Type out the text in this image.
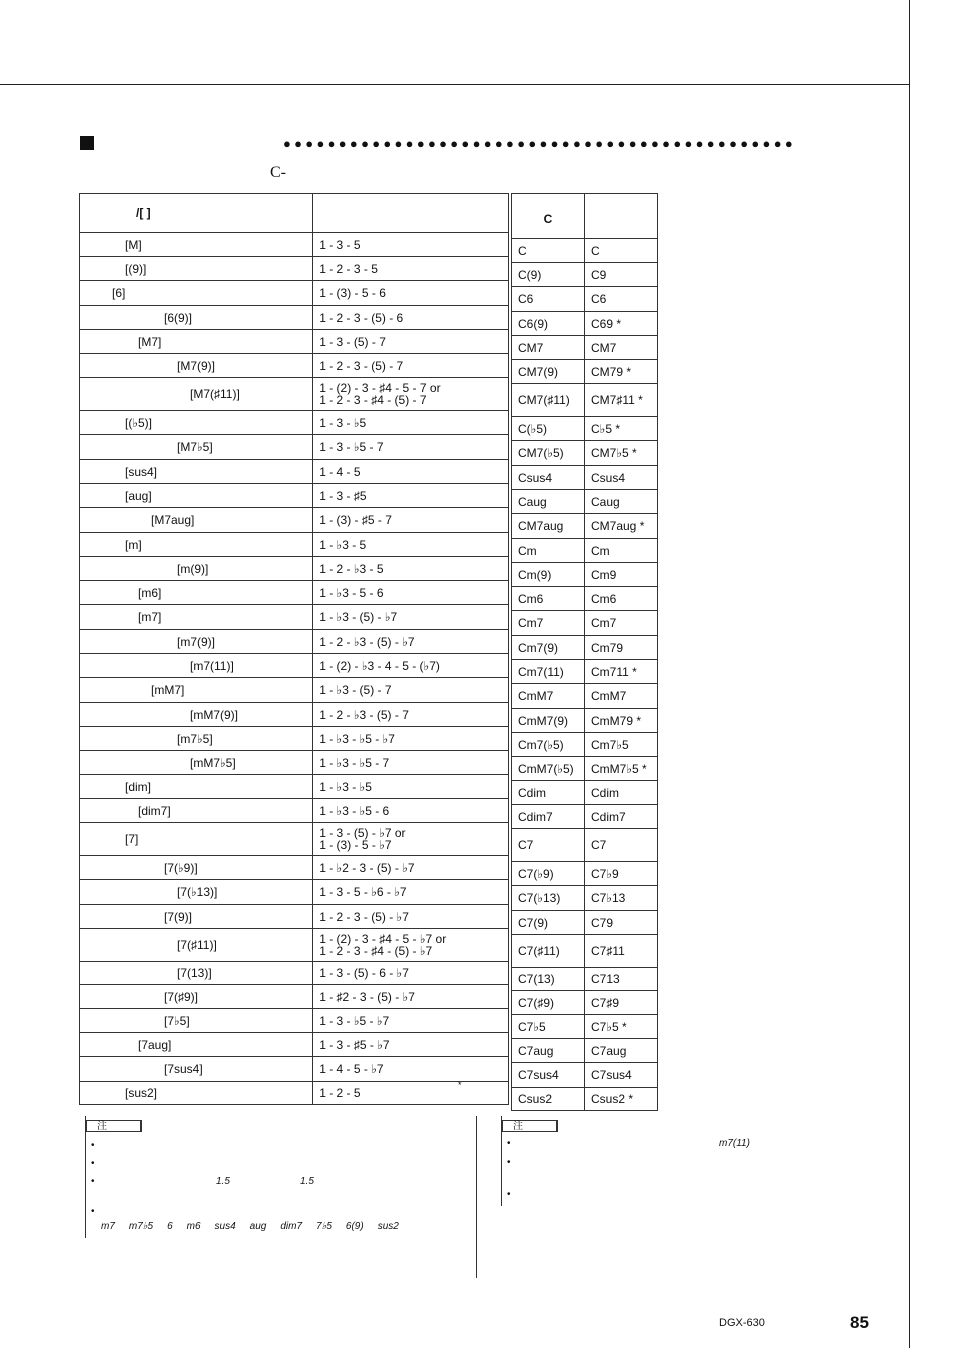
●●●●●●●●●●●●●●●●●●●●●●●●●●●●●●●●●●●●●●●●●●●●●●
C-
/[ ]	
[M]	1 - 3 - 5

[(9)]	1 - 2 - 3 - 5

[6]	1 - (3) - 5 - 6

[6(9)]	1 - 2 - 3 - (5) - 6

[M7]	1 - 3 - (5) - 7

[M7(9)]	1 - 2 - 3 - (5) - 7

[M7(♯11)]	1 - (2) - 3 - ♯4 - 5 - 7 or
1 - 2 - 3 - ♯4 - (5) - 7

[(♭5)]	1 - 3 - ♭5

[M7♭5]	1 - 3 - ♭5 - 7

[sus4]	1 - 4 - 5

[aug]	1 - 3 - ♯5

[M7aug]	1 - (3) - ♯5 - 7

[m]	1 - ♭3 - 5

[m(9)]	1 - 2 - ♭3 - 5

[m6]	1 - ♭3 - 5 - 6

[m7]	1 - ♭3 - (5) - ♭7

[m7(9)]	1 - 2 - ♭3 - (5) - ♭7

[m7(11)]	1 - (2) - ♭3 - 4 - 5 - (♭7)

[mM7]	1 - ♭3 - (5) - 7

[mM7(9)]	1 - 2 - ♭3 - (5) - 7

[m7♭5]	1 - ♭3 - ♭5 - ♭7

[mM7♭5]	1 - ♭3 - ♭5 - 7

[dim]	1 - ♭3 - ♭5

[dim7]	1 - ♭3 - ♭5 - 6

[7]	1 - 3 - (5) - ♭7 or
1 - (3) - 5 - ♭7

[7(♭9)]	1 - ♭2 - 3 - (5) - ♭7

[7(♭13)]	1 - 3 - 5 - ♭6 - ♭7

[7(9)]	1 - 2 - 3 - (5) - ♭7

[7(♯11)]	1 - (2) - 3 - ♯4 - 5 - ♭7 or
1 - 2 - 3 - ♯4 - (5) - ♭7

[7(13)]	1 - 3 - (5) - 6 - ♭7

[7(♯9)]	1 - ♯2 - 3 - (5) - ♭7

[7♭5]	1 - 3 - ♭5 - ♭7

[7aug]	1 - 3 - ♯5 - ♭7

[7sus4]	1 - 4 - 5 - ♭7

[sus2]	1 - 2 - 5
C	
C	C
C(9)	C9
C6	C6
C6(9)	C69 *
CM7	CM7
CM7(9)	CM79 *
CM7(♯11)	CM7♯11 *
C(♭5)	C♭5 *
CM7(♭5)	CM7♭5 *
Csus4	Csus4
Caug	Caug
CM7aug	CM7aug *
Cm	Cm
Cm(9)	Cm9
Cm6	Cm6
Cm7	Cm7
Cm7(9)	Cm79
Cm7(11)	Cm711 *
CmM7	CmM7
CmM7(9)	CmM79 *
Cm7(♭5)	Cm7♭5
CmM7(♭5)	CmM7♭5 *
Cdim	Cdim
Cdim7	Cdim7
C7	C7
C7(♭9)	C7♭9
C7(♭13)	C7♭13
C7(9)	C79
C7(♯11)	C7♯11
C7(13)	C713
C7(♯9)	C7♯9
C7♭5	C7♭5 *
C7aug	C7aug
C7sus4	C7sus4
Csus2	Csus2 *
*
注
•
•
•	1.5	1.5
•
m7 m7♭5 6 m6 sus4 aug dim7 7♭5 6(9) sus2
注
•	m7(11)
•
•
DGX-630	85
